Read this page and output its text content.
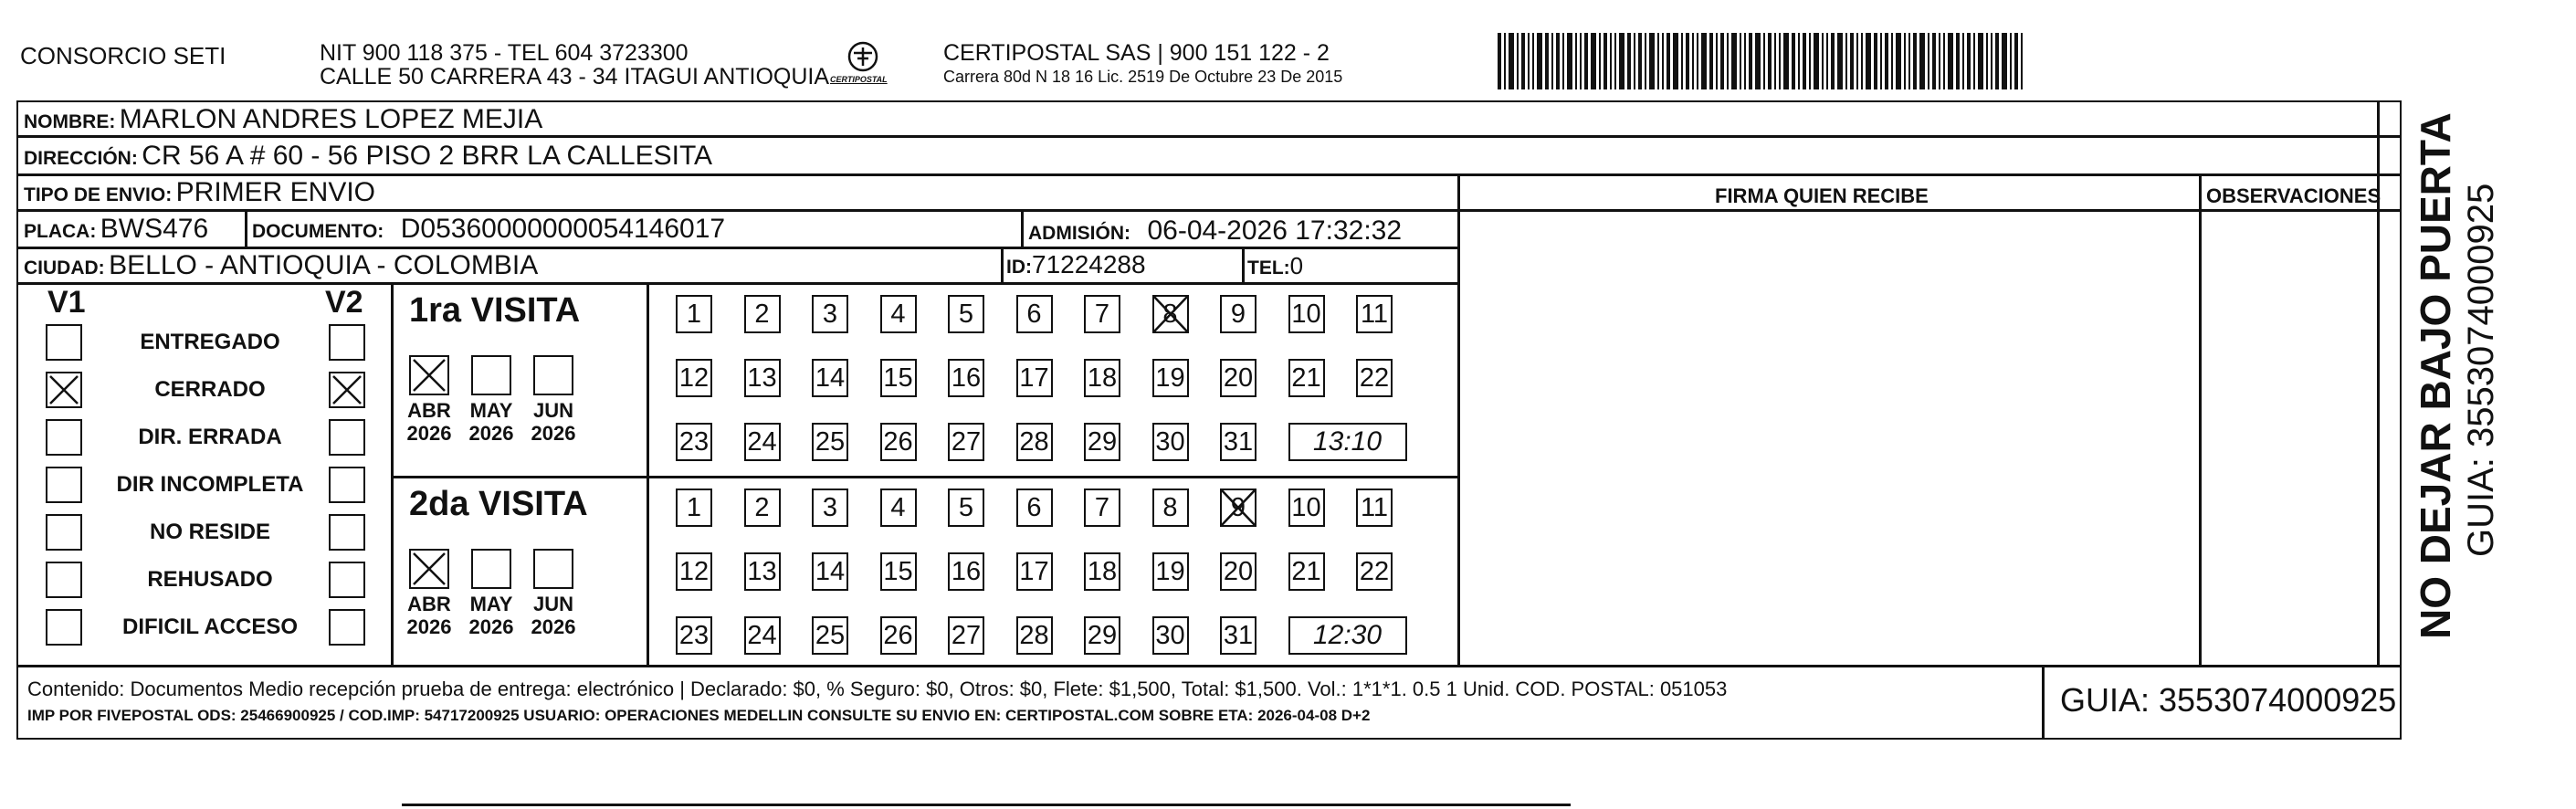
CONSORCIO SETI	NIT 900 118 375 - TEL 604 3723300
CALLE 50 CARRERA 43 - 34 ITAGUI ANTIOQUIA CERTIPOSTAL
CERTIPOSTAL SAS | 900 151 122 - 2
Carrera 80d N 18 16 Lic. 2519 De Octubre 23 De 2015
NOMBRE: MARLON ANDRES LOPEZ MEJIA
DIRECCIÓN: CR 56 A # 60 - 56 PISO 2 BRR LA CALLESITA
TIPO DE ENVIO: PRIMER ENVIO	FIRMA QUIEN RECIBE	OBSERVACIONES
PLACA: BWS476 DOCUMENTO: D05360000000054146017	ADMISIÓN: 06-04-2026 17:32:32
CIUDAD: BELLO - ANTIOQUIA - COLOMBIA	ID:71224288	TEL:0
V1	V2
ENTREGADO
CERRADO
DIR. ERRADA
DIR INCOMPLETA
NO RESIDE
REHUSADO
DIFICIL ACCESO
1ra VISITA
ABR
2026
MAY
2026
JUN
2026
1	2	3	4	5	6	7	8	9	10 11
12 13 14 15 16 17 18 19 20 21 22
23 24 25 26 27 28 29 30 31	13:10
2da VISITA
ABR
2026
MAY
2026
JUN
2026
1	2	3	4	5	6	7	8	9	10 11
12 13 14 15 16 17 18 19 20 21 22
23 24 25 26 27 28 29 30 31	12:30
Contenido: Documentos Medio recepción prueba de entrega: electrónico | Declarado: $0, % Seguro: $0, Otros: $0, Flete: $1,500, Total: $1,500. Vol.: 1*1*1. 0.5 1 Unid. COD. POSTAL: 051053
IMP POR FIVEPOSTAL ODS: 25466900925 / COD.IMP: 54717200925 USUARIO: OPERACIONES MEDELLIN CONSULTE SU ENVIO EN: CERTIPOSTAL.COM SOBRE ETA: 2026-04-08 D+2	GUIA: 3553074000925
NO DEJAR BAJO PUERTA GUIA: 3553074000925
